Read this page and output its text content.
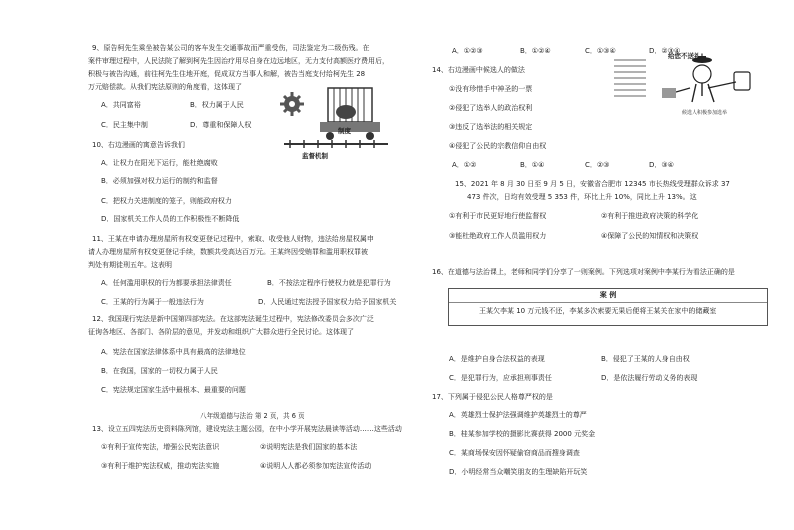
9、原告柯先生乘坐被告某公司的客车发生交通事故而严重受伤，司法鉴定为二级伤残。在
案件审理过程中，人民法院了解到柯先生因治疗用尽自身在边远地区，无力支付高额医疗费用后，
积极与被告沟通，前往柯先生住地开庭，促成双方当事人和解，被告当庭支付给柯先生 28
万元赔偿款。从我们宪法原则的角度看，这体现了
A．共同富裕	B．权力属于人民
C．民主集中制	D．尊重和保障人权
制度
监督机制
10、右边漫画的寓意告诉我们
A．让权力在阳光下运行，能杜绝腐败
B．必须加强对权力运行的制约和监督
C．把权力关进制度的笼子，则能政府权力
D．国家机关工作人员的工作积极性不断降低
11、王某在申请办理房屋所有权变更登记过程中，索取、收受他人财物，违法给房屋权属申
请人办理房屋所有权变更登记手续，数额共受高达百万元。王某终因受贿罪和滥用职权罪被
判处有期徒刑五年。这表明
A．任何滥用职权的行为都要承担法律责任	B．不按法定程序行使权力就是犯罪行为
C．王某的行为属于一般违法行为	D．人民通过宪法授予国家权力给予国家机关
12、我国现行宪法是新中国第四部宪法。在这部宪法诞生过程中，宪法修改委员会多次广泛
征询各地区、各部门、各阶层的意见，并发动和组织广大群众进行全民讨论。这体现了
A．宪法在国家法律体系中具有最高的法律地位
B．在我国，国家的一切权力属于人民
C．宪法规定国家生活中最根本、最重要的问题
八年级道德与法治 第 2 页，共 6 页
13、设立五四宪法历史资料陈列馆，建设宪法主题公园，在中小学开展宪法晨读等活动……这些活动
①有利于宣传宪法，增强公民宪法意识	②说明宪法是我们国家的基本法
③有利于维护宪法权威，推动宪法实施	④说明人人都必须参加宪法宣传活动
A．①②③	B．①②④	C．①③④	D．②③④
14、右边漫画中候选人的做法
①没有珍惜手中神圣的一票
②侵犯了选举人的政治权利
③违反了选举法的相关规定
④侵犯了公民的宗教信仰自由权
A．①②	B．①④	C．②③	D．③④
给您不送礼!
候选人积极参加选举
15、2021 年 8 月 30 日至 9 月 5 日，安徽省合肥市 12345 市长热线受理群众诉求 37
473 件次，日均有效受理 5 353 件，环比上升 10%，同比上升 13%。这
①有利于市民更好地行使监督权	②有利于推进政府决策的科学化
③能杜绝政府工作人员滥用权力	④保障了公民的知情权和决策权
16、在道德与法治课上，老师和同学们分享了一则案例。下列选项对案例中李某行为看法正确的是
案 例
王某欠李某 10 万元钱不还，李某多次索要无果后便将王某关在家中的储藏室
A．是维护自身合法权益的表现	B．侵犯了王某的人身自由权
C．是犯罪行为，应承担刑事责任	D．是依法履行劳动义务的表现
17、下列属于侵犯公民人格尊严权的是
A．英雄烈士保护法强调维护英雄烈士的尊严
B．桂某参加学校的摄影比赛获得 2000 元奖金
C．某商场保安因怀疑偷窃商品而搜身调查
D．小明经常当众嘲笑朋友的生理缺陷开玩笑
